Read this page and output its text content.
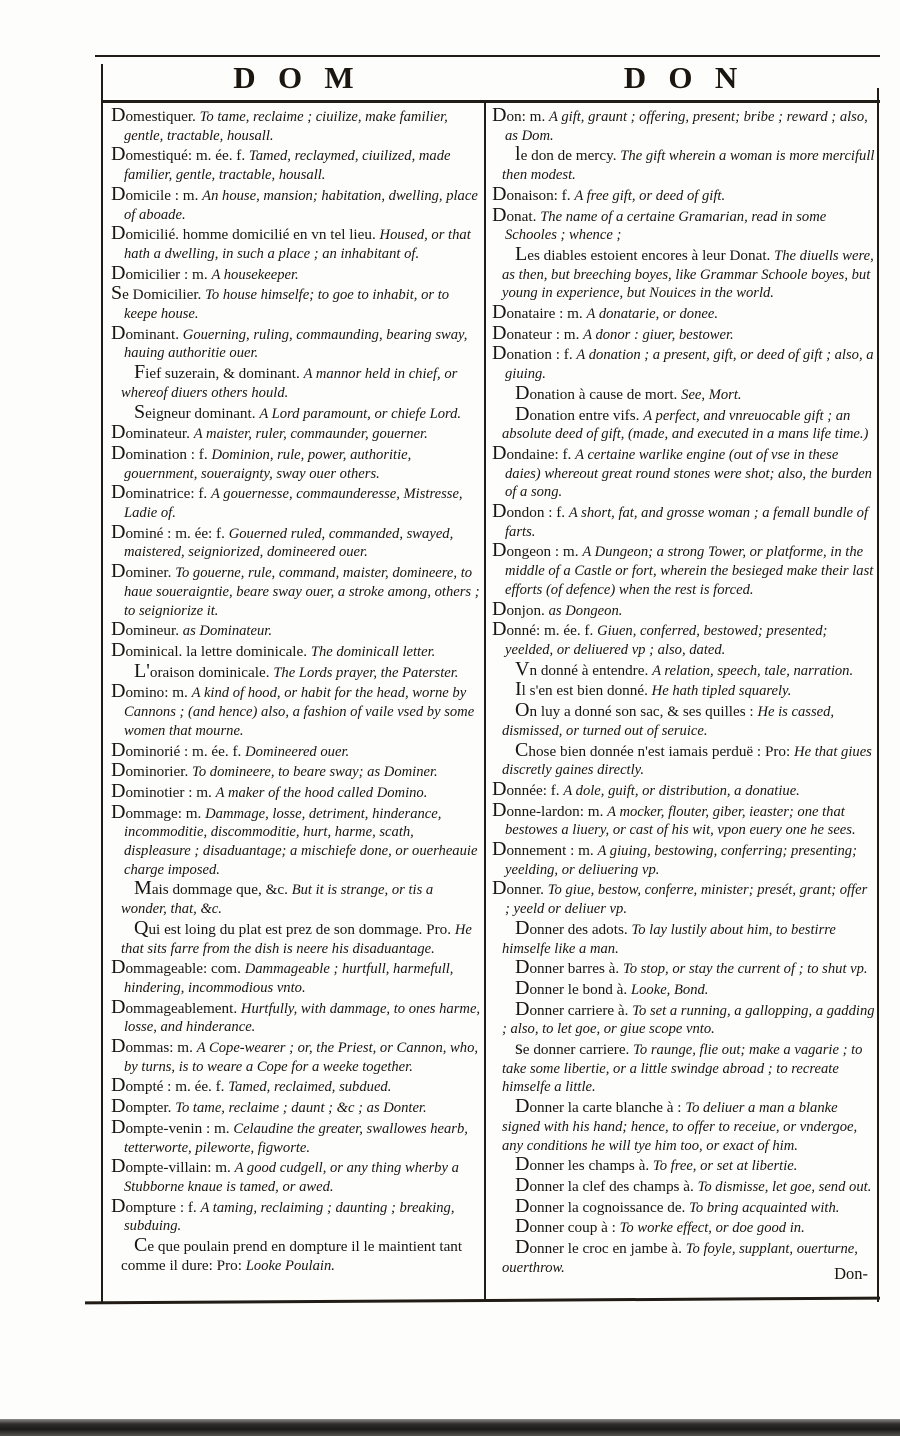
DOM	DON

Domestiquer. To tame, reclaime ; ciuilize, make familier, gentle, tractable, housall.

Domestiqué: m. ée. f. Tamed, reclaymed, ciuilized, made familier, gentle, tractable, housall.

Domicile : m. An house, mansion; habitation, dwelling, place of aboade.

Domicilié. homme domicilié en vn tel lieu. Housed, or that hath a dwelling, in such a place ; an inhabitant of.

Domicilier : m. A housekeeper.

Se Domicilier. To house himselfe; to goe to inhabit, or to keepe house.

Dominant. Gouerning, ruling, commaunding, bearing sway, hauing authoritie ouer.

Fief suzerain, & dominant. A mannor held in chief, or whereof diuers others hould.

Seigneur dominant. A Lord paramount, or chiefe Lord.

Dominateur. A maister, ruler, commaunder, gouerner.

Domination : f. Dominion, rule, power, authoritie, gouernment, soueraignty, sway ouer others.

Dominatrice: f. A gouernesse, commaunderesse, Mistresse, Ladie of.

Dominé : m. ée: f. Gouerned ruled, commanded, swayed, maistered, seigniorized, domineered ouer.

Dominer. To gouerne, rule, command, maister, domineere, to haue soueraigntie, beare sway ouer, a stroke among, others ; to seigniorize it.

Domineur. as Dominateur.

Dominical. la lettre dominicale. The dominicall letter.

L'oraison dominicale. The Lords prayer, the Paterster.

Domino: m. A kind of hood, or habit for the head, worne by Cannons ; (and hence) also, a fashion of vaile vsed by some women that mourne.

Dominorié : m. ée. f. Domineered ouer.

Dominorier. To domineere, to beare sway; as Dominer.

Dominotier : m. A maker of the hood called Domino.

Dommage: m. Dammage, losse, detriment, hinderance, incommoditie, discommoditie, hurt, harme, scath, displeasure ; disaduantage; a mischiefe done, or ouerheauie charge imposed.

Mais dommage que, &c. But it is strange, or tis a wonder, that, &c.

Qui est loing du plat est prez de son dommage. Pro. He that sits farre from the dish is neere his disaduantage.

Dommageable: com. Dammageable ; hurtfull, harmefull, hindering, incommodious vnto.

Dommageablement. Hurtfully, with dammage, to ones harme, losse, and hinderance.

Dommas: m. A Cope-wearer ; or, the Priest, or Cannon, who, by turns, is to weare a Cope for a weeke together.

Dompté : m. ée. f. Tamed, reclaimed, subdued.

Dompter. To tame, reclaime ; daunt ; &c ; as Donter.

Dompte-venin : m. Celaudine the greater, swallowes hearb, tetterworte, pileworte, figworte.

Dompte-villain: m. A good cudgell, or any thing wherby a Stubborne knaue is tamed, or awed.

Dompture : f. A taming, reclaiming ; daunting ; breaking, subduing.

Ce que poulain prend en dompture il le maintient tant comme il dure: Pro: Looke Poulain.

Don: m. A gift, graunt ; offering, present; bribe ; reward ; also, as Dom.

le don de mercy. The gift wherein a woman is more mercifull then modest.

Donaison: f. A free gift, or deed of gift.

Donat. The name of a certaine Gramarian, read in some Schooles ; whence ;

Les diables estoient encores à leur Donat. The diuells were, as then, but breeching boyes, like Grammar Schoole boyes, but young in experience, but Nouices in the world.

Donataire : m. A donatarie, or donee.

Donateur : m. A donor : giuer, bestower.

Donation : f. A donation ; a present, gift, or deed of gift ; also, a giuing.

Donation à cause de mort. See, Mort.

Donation entre vifs. A perfect, and vnreuocable gift ; an absolute deed of gift, (made, and executed in a mans life time.)

Dondaine: f. A certaine warlike engine (out of vse in these daies) whereout great round stones were shot; also, the burden of a song.

Dondon : f. A short, fat, and grosse woman ; a femall bundle of farts.

Dongeon : m. A Dungeon; a strong Tower, or platforme, in the middle of a Castle or fort, wherein the besieged make their last efforts (of defence) when the rest is forced.

Donjon. as Dongeon.

Donné: m. ée. f. Giuen, conferred, bestowed; presented; yeelded, or deliuered vp ; also, dated.

Vn donné à entendre. A relation, speech, tale, narration.

Il s'en est bien donné. He hath tipled squarely.

On luy a donné son sac, & ses quilles : He is cassed, dismissed, or turned out of seruice.

Chose bien donnée n'est iamais perduë : Pro: He that giues discretly gaines directly.

Donnée: f. A dole, guift, or distribution, a donatiue.

Donne-lardon: m. A mocker, flouter, giber, ieaster; one that bestowes a liuery, or cast of his wit, vpon euery one he sees.

Donnement : m. A giuing, bestowing, conferring; presenting; yeelding, or deliuering vp.

Donner. To giue, bestow, conferre, minister; presét, grant; offer ; yeeld or deliuer vp.

Donner des adots. To lay lustily about him, to bestirre himselfe like a man.

Donner barres à. To stop, or stay the current of ; to shut vp.

Donner le bond à. Looke, Bond.

Donner carriere à. To set a running, a gallopping, a gadding ; also, to let goe, or giue scope vnto.

se donner carriere. To raunge, flie out; make a vagarie ; to take some libertie, or a little swindge abroad ; to recreate himselfe a little.

Donner la carte blanche à : To deliuer a man a blanke signed with his hand; hence, to offer to receiue, or vndergoe, any conditions he will tye him too, or exact of him.

Donner les champs à. To free, or set at libertie.

Donner la clef des champs à. To dismisse, let goe, send out.

Donner la cognoissance de. To bring acquainted with.

Donner coup à : To worke effect, or doe good in.

Donner le croc en jambe à. To foyle, supplant, ouerturne, ouerthrow.	Don-
